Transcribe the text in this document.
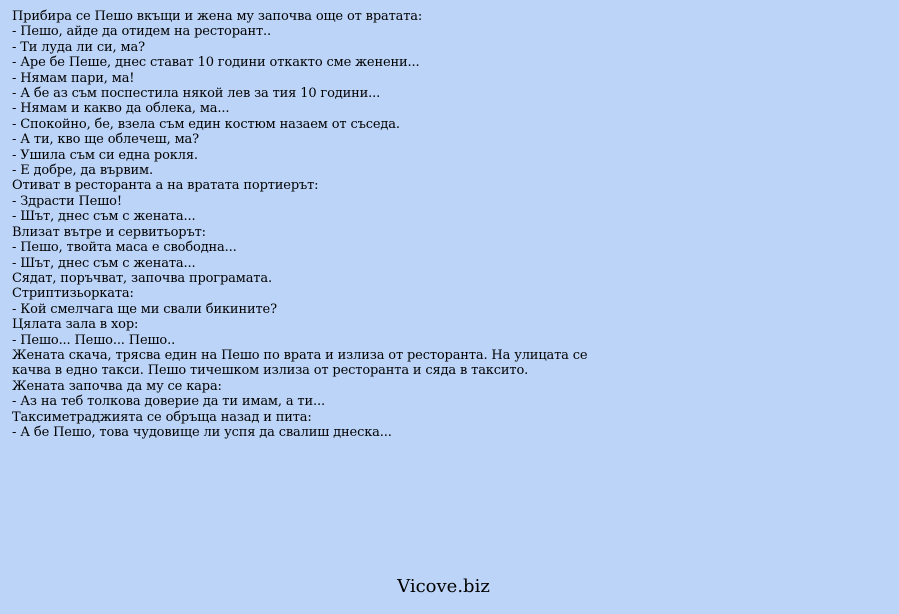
Прибира се Пешо вкъщи и жена му започва още от вратата:
- Пешо, айде да отидем на ресторант..
- Ти луда ли си, ма?
- Аре бе Пеше, днес стават 10 години откакто сме женени...
- Нямам пари, ма!
- А бе аз съм поспестила някой лев за тия 10 години...
- Нямам и какво да облека, ма...
- Спокойно, бе, взела съм един костюм назаем от съседа.
- А ти, кво ще облечеш, ма?
- Ушила съм си една рокля.
- Е добре, да вървим.
Отиват в ресторанта а на вратата портиерът:
- Здрасти Пешо!
- Шът, днес съм с жената...
Влизат вътре и сервитьорът:
- Пешо, твойта маса е свободна...
- Шът, днес съм с жената...
Сядат, поръчват, започва програмата.
Стриптизьорката:
- Кой смелчага ще ми свали бикините?
Цялата зала в хор:
- Пешо... Пешо... Пешо..
Жената скача, трясва един на Пешо по врата и излиза от ресторанта. На улицата се качва в едно такси. Пешо тичешком излиза от ресторанта и сяда в таксито.
Жената започва да му се кара:
- Аз на теб толкова доверие да ти имам, а ти...
Таксиметраджията се обръща назад и пита:
- А бе Пешо, това чудовище ли успя да свалиш днеска...
Vicove.biz
